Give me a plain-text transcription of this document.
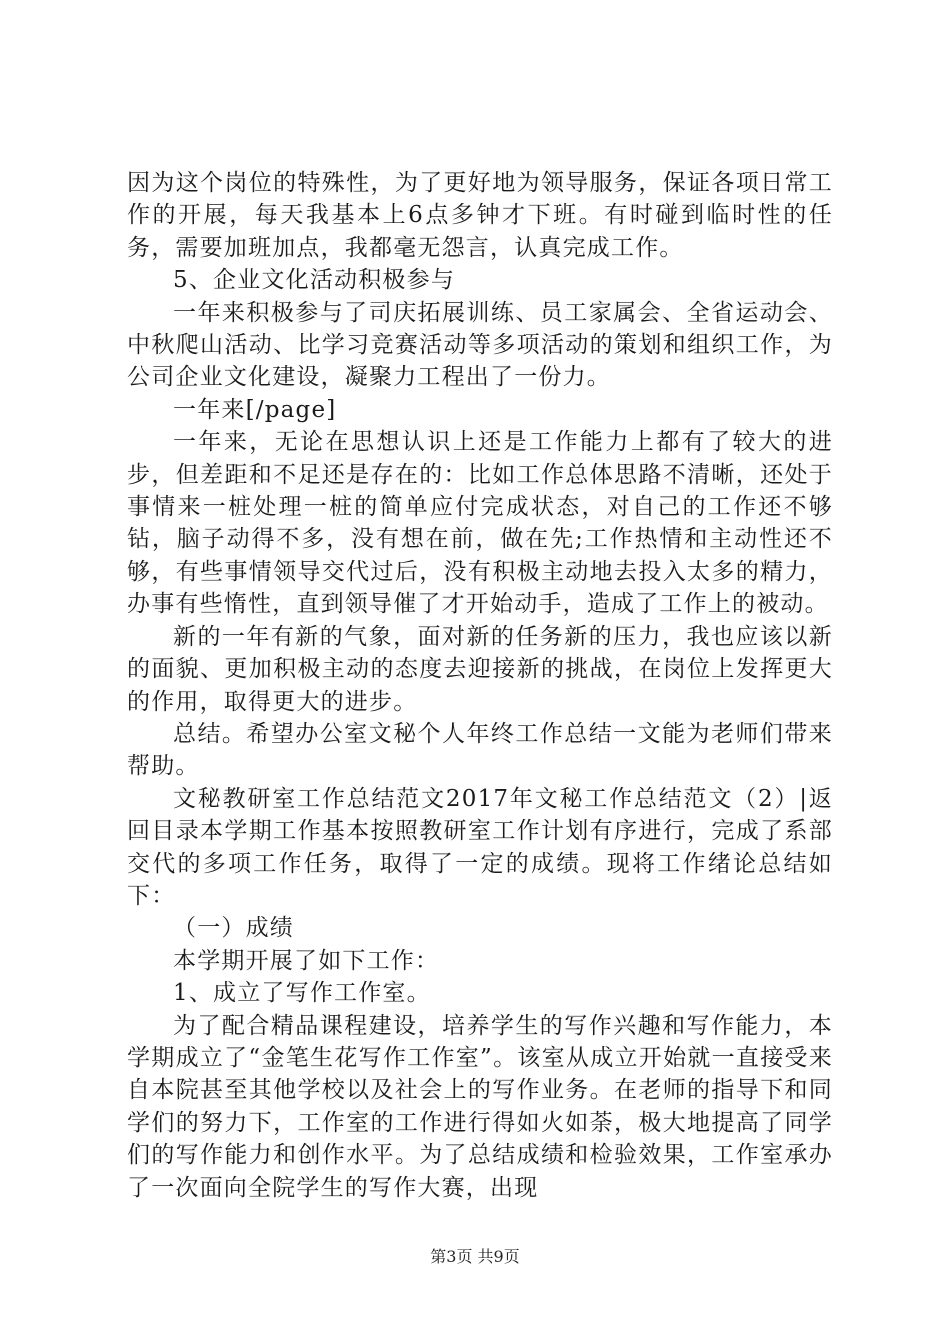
因为这个岗位的特殊性，为了更好地为领导服务，保证各项日常工作的开展，每天我基本上6点多钟才下班。有时碰到临时性的任务，需要加班加点，我都毫无怨言，认真完成工作。

5、企业文化活动积极参与

一年来积极参与了司庆拓展训练、员工家属会、全省运动会、中秋爬山活动、比学习竞赛活动等多项活动的策划和组织工作，为公司企业文化建设，凝聚力工程出了一份力。

一年来[/page]

一年来，无论在思想认识上还是工作能力上都有了较大的进步，但差距和不足还是存在的：比如工作总体思路不清晰，还处于事情来一桩处理一桩的简单应付完成状态，对自己的工作还不够钻，脑子动得不多，没有想在前，做在先;工作热情和主动性还不够，有些事情领导交代过后，没有积极主动地去投入太多的精力，办事有些惰性，直到领导催了才开始动手，造成了工作上的被动。

新的一年有新的气象，面对新的任务新的压力，我也应该以新的面貌、更加积极主动的态度去迎接新的挑战，在岗位上发挥更大的作用，取得更大的进步。

总结。希望办公室文秘个人年终工作总结一文能为老师们带来帮助。

文秘教研室工作总结范文2017年文秘工作总结范文（2）|返回目录本学期工作基本按照教研室工作计划有序进行，完成了系部交代的多项工作任务，取得了一定的成绩。现将工作绪论总结如下：

（一）成绩

本学期开展了如下工作：

1、成立了写作工作室。

为了配合精品课程建设，培养学生的写作兴趣和写作能力，本学期成立了“金笔生花写作工作室”。该室从成立开始就一直接受来自本院甚至其他学校以及社会上的写作业务。在老师的指导下和同学们的努力下，工作室的工作进行得如火如荼，极大地提高了同学们的写作能力和创作水平。为了总结成绩和检验效果，工作室承办了一次面向全院学生的写作大赛，出现

第3页 共9页
